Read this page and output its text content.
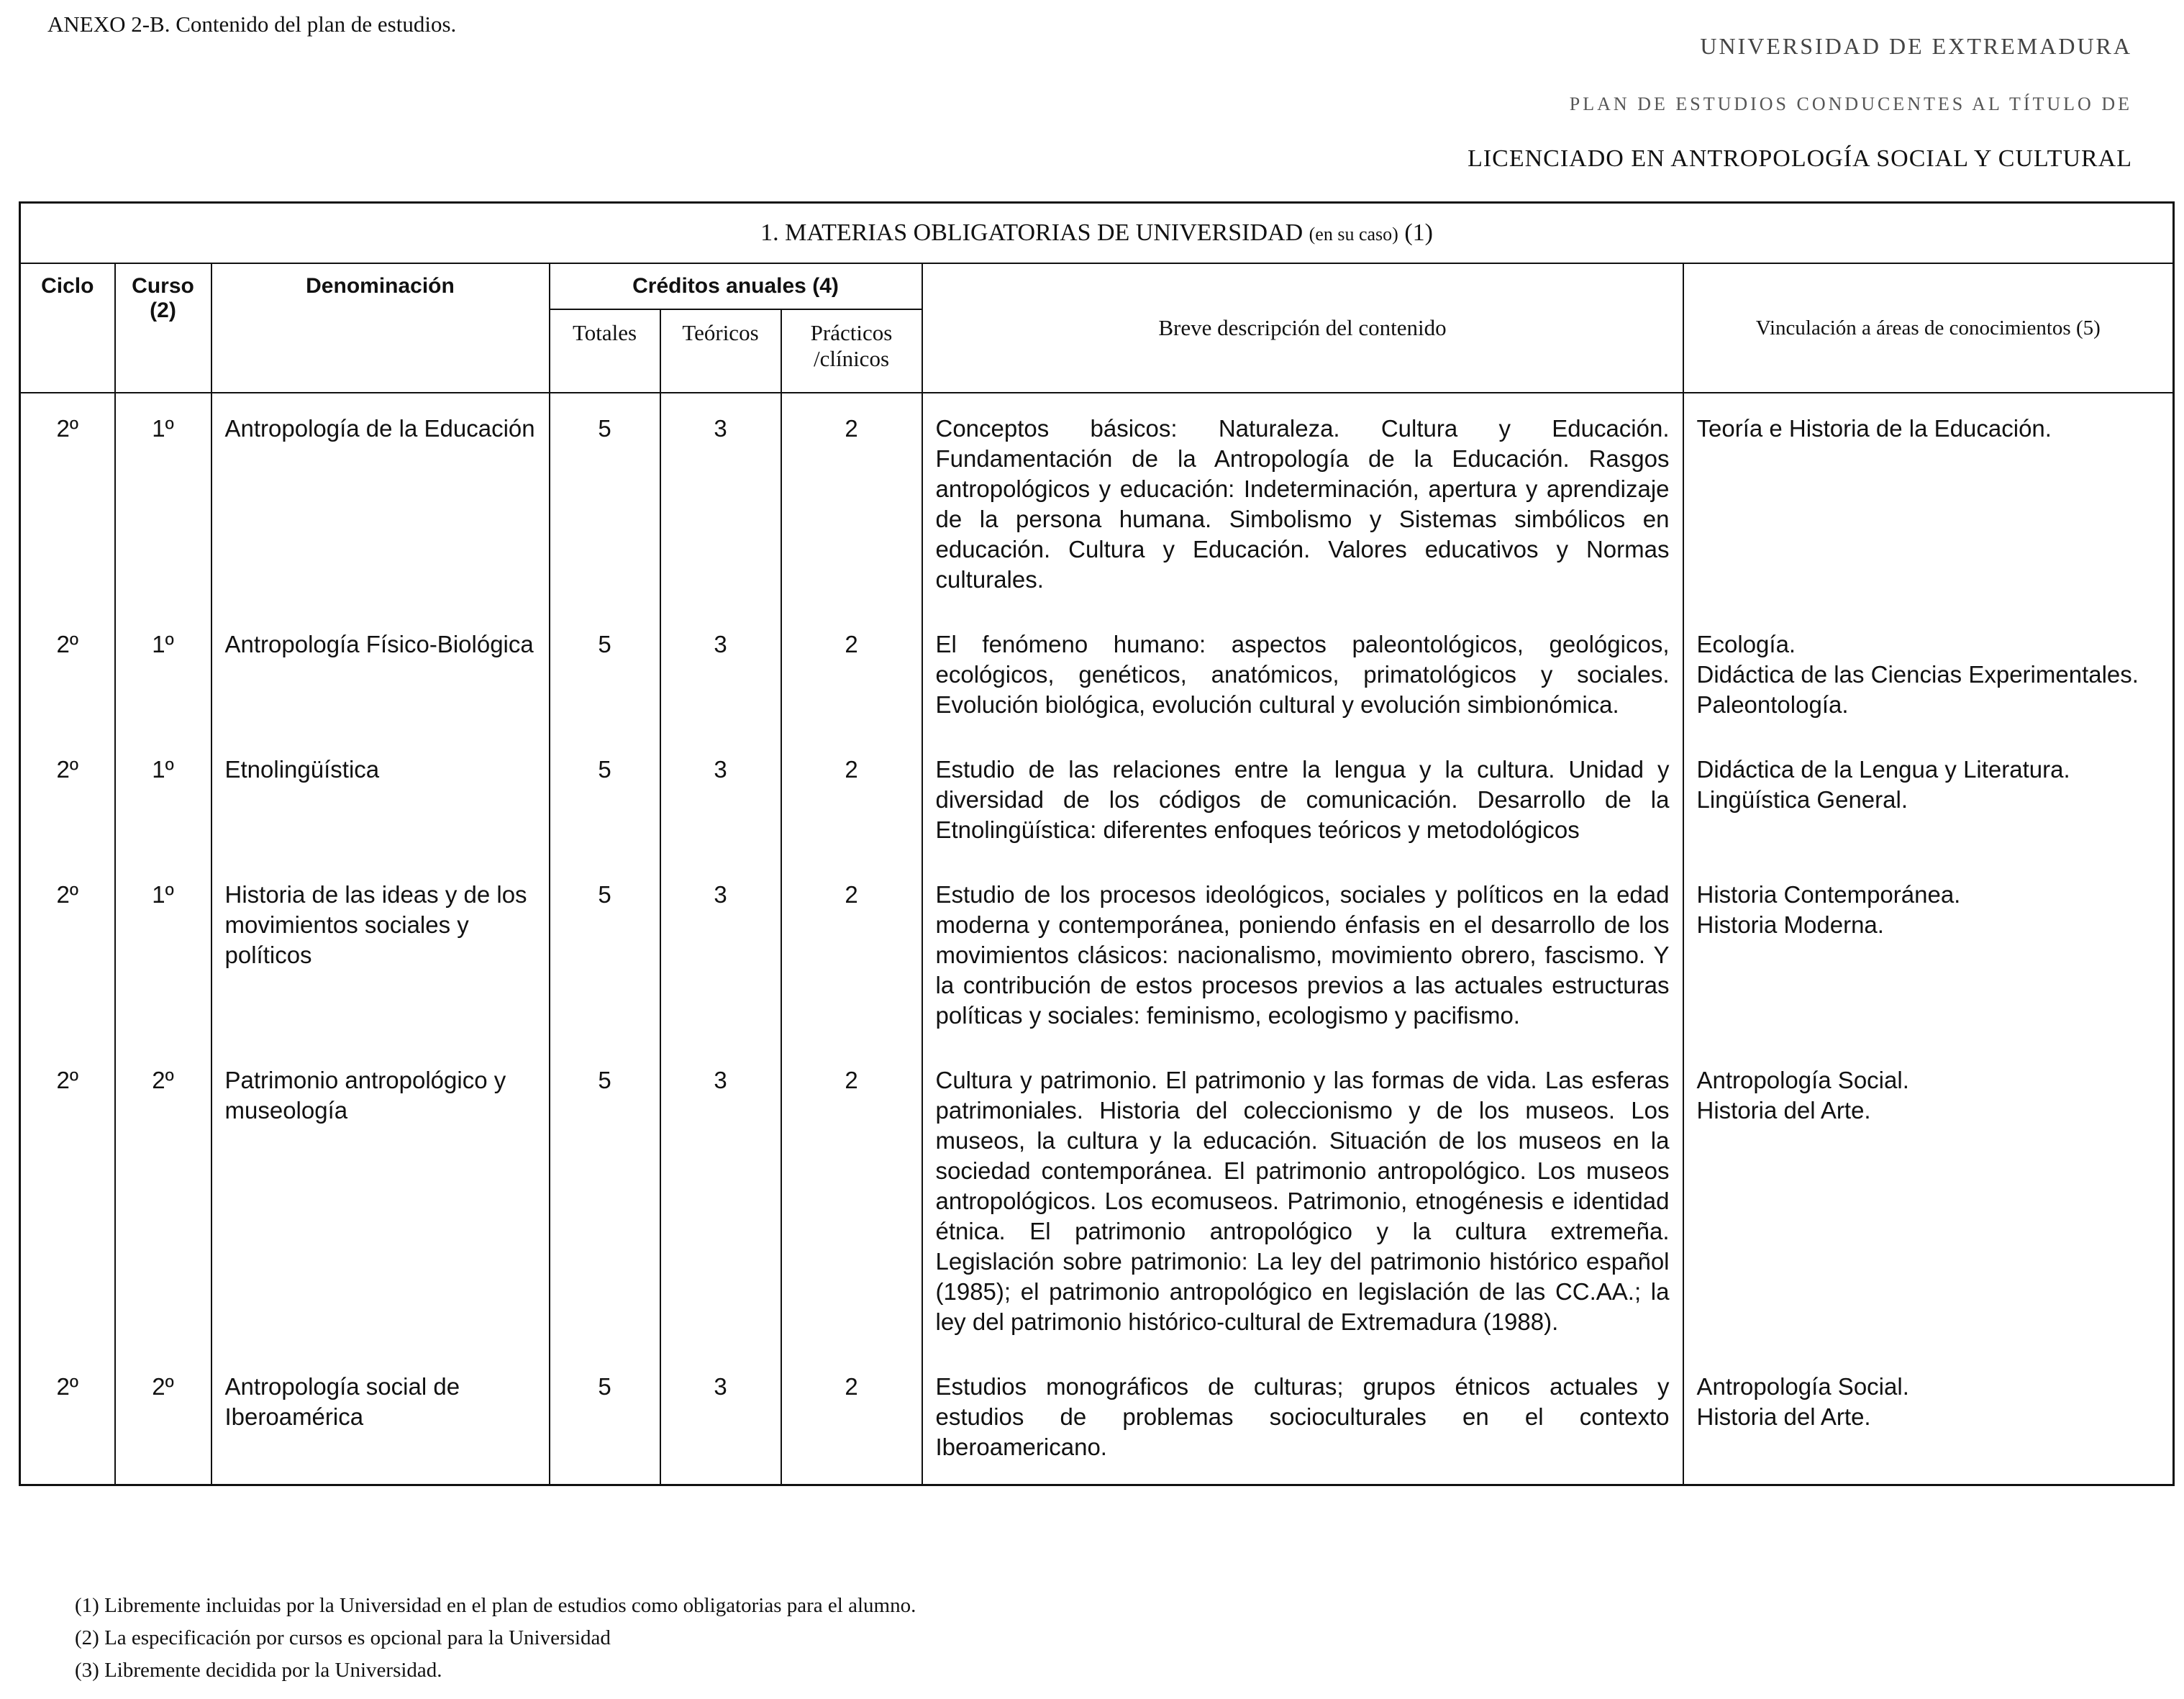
ANEXO 2-B. Contenido del plan de estudios.
UNIVERSIDAD DE EXTREMADURA
PLAN DE ESTUDIOS CONDUCENTES AL TÍTULO DE
LICENCIADO EN ANTROPOLOGÍA SOCIAL Y CULTURAL
1. MATERIAS OBLIGATORIAS DE UNIVERSIDAD (en su caso) (1)							
Ciclo	Curso (2)	Denominación	Créditos anuales (4)			Breve descripción del contenido	Vinculación a áreas de conocimientos (5)
			Totales	Teóricos	Prácticos /clínicos		
2º	1º	Antropología de la Educación	5	3	2	Conceptos básicos: Naturaleza. Cultura y Educación. Fundamentación de la Antropología de la Educación. Rasgos antropológicos y educación: Indeterminación, apertura y aprendizaje de la persona humana. Simbolismo y Sistemas simbólicos en educación. Cultura y Educación. Valores educativos y Normas culturales.	Teoría e Historia de la Educación.

2º	1º	Antropología Físico-Biológica	5	3	2	El fenómeno humano: aspectos paleontológicos, geológicos, ecológicos, genéticos, anatómicos, primatológicos y sociales. Evolución biológica, evolución cultural y evolución simbionómica.	Ecología.
Didáctica de las Ciencias Experimentales.
Paleontología.

2º	1º	Etnolingüística	5	3	2	Estudio de las relaciones entre la lengua y la cultura. Unidad y diversidad de los códigos de comunicación. Desarrollo de la Etnolingüística: diferentes enfoques teóricos y metodológicos	Didáctica de la Lengua y Literatura.
Lingüística General.

2º	1º	Historia de las ideas y de los movimientos sociales y políticos	5	3	2	Estudio de los procesos ideológicos, sociales y políticos en la edad moderna y contemporánea, poniendo énfasis en el desarrollo de los movimientos clásicos: nacionalismo, movimiento obrero, fascismo. Y la contribución de estos procesos previos a las actuales estructuras políticas y sociales: feminismo, ecologismo y pacifismo.	Historia Contemporánea.
Historia Moderna.

2º	2º	Patrimonio antropológico y museología	5	3	2	Cultura y patrimonio. El patrimonio y las formas de vida. Las esferas patrimoniales. Historia del coleccionismo y de los museos. Los museos, la cultura y la educación. Situación de los museos en la sociedad contemporánea. El patrimonio antropológico. Los museos antropológicos. Los ecomuseos. Patrimonio, etnogénesis e identidad étnica. El patrimonio antropológico y la cultura extremeña. Legislación sobre patrimonio: La ley del patrimonio histórico español (1985); el patrimonio antropológico en legislación de las CC.AA.; la ley del patrimonio histórico-cultural de Extremadura (1988).	Antropología Social.
Historia del Arte.

2º	2º	Antropología social de Iberoamérica	5	3	2	Estudios monográficos de culturas; grupos étnicos actuales y estudios de problemas socioculturales en el contexto Iberoamericano.	Antropología Social.
Historia del Arte.
(1) Libremente incluidas por la Universidad en el plan de estudios como obligatorias para el alumno.
(2) La especificación por cursos es opcional para la Universidad
(3) Libremente decidida por la Universidad.
